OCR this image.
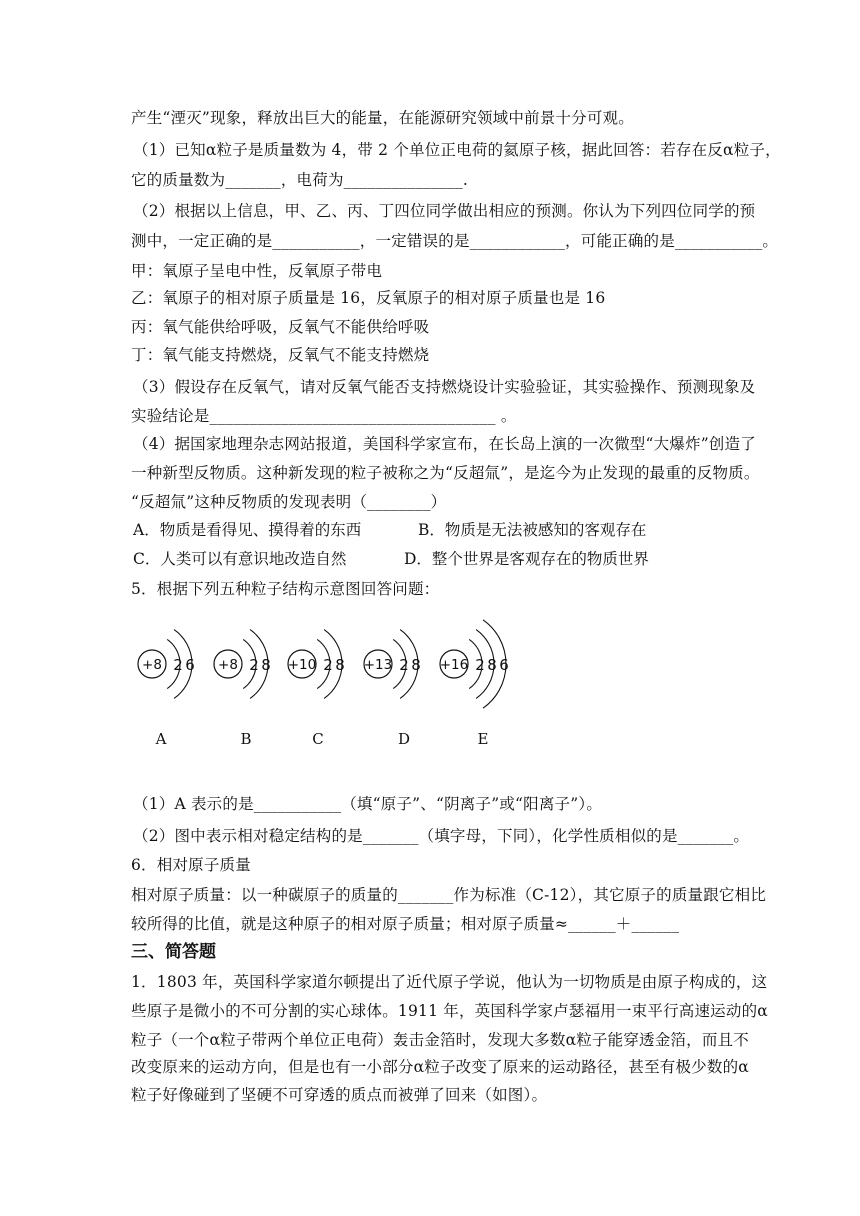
产生“湮灭”现象，释放出巨大的能量，在能源研究领域中前景十分可观。
（1）已知α粒子是质量数为 4，带 2 个单位正电荷的氦原子核，据此回答：若存在反α粒子，
它的质量数为_______，电荷为_______________.
（2）根据以上信息，甲、乙、丙、丁四位同学做出相应的预测。你认为下列四位同学的预
测中，一定正确的是___________，一定错误的是____________，可能正确的是___________。
甲：氧原子呈电中性，反氧原子带电
乙：氧原子的相对原子质量是 16，反氧原子的相对原子质量也是 16
丙：氧气能供给呼吸，反氧气不能供给呼吸
丁：氧气能支持燃烧，反氧气不能支持燃烧
（3）假设存在反氧气，请对反氧气能否支持燃烧设计实验验证，其实验操作、预测现象及
实验结论是____________________________________ 。
（4）据国家地理杂志网站报道，美国科学家宣布，在长岛上演的一次微型“大爆炸”创造了
一种新型反物质。这种新发现的粒子被称之为“反超氚”，是迄今为止发现的最重的反物质。
“反超氚”这种反物质的发现表明（________）
A．物质是看得见、摸得着的东西	B．物质是无法被感知的客观存在
C．人类可以有意识地改造自然	D．整个世界是客观存在的物质世界
5．根据下列五种粒子结构示意图回答问题：
+8 2 6
A
+8 2 8
B
+10 2 8
C
+13 2 8
D
+16 2 8 6
E
（1）A 表示的是___________（填“原子”、“阴离子”或“阳离子”）。
（2）图中表示相对稳定结构的是_______（填字母，下同），化学性质相似的是_______。
6．相对原子质量
相对原子质量：以一种碳原子的质量的_______作为标准（C-12），其它原子的质量跟它相比
较所得的比值，就是这种原子的相对原子质量；相对原子质量≈______＋______
三、简答题
1．1803 年，英国科学家道尔顿提出了近代原子学说，他认为一切物质是由原子构成的，这
些原子是微小的不可分割的实心球体。1911 年，英国科学家卢瑟福用一束平行高速运动的α
粒子（一个α粒子带两个单位正电荷）轰击金箔时，发现大多数α粒子能穿透金箔，而且不
改变原来的运动方向，但是也有一小部分α粒子改变了原来的运动路径，甚至有极少数的α
粒子好像碰到了坚硬不可穿透的质点而被弹了回来（如图）。
